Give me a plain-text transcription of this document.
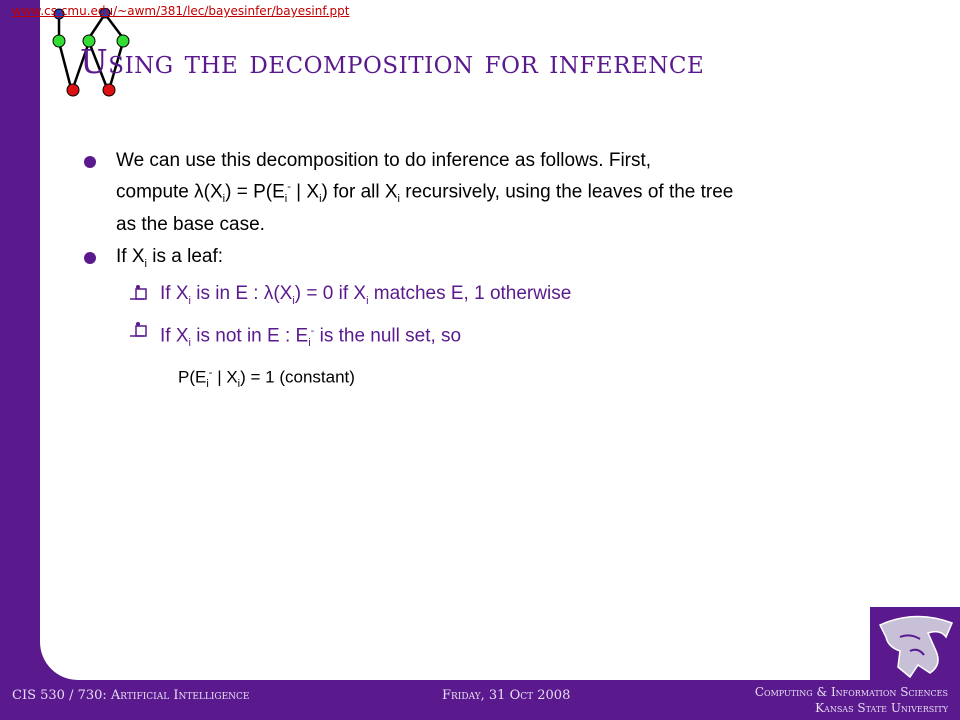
www.cs.cmu.edu/~awm/381/lec/bayesinfer/bayesinf.ppt
Using the decomposition for inference
We can use this decomposition to do inference as follows. First,
compute $\lambda(X_i) = P(E_i^-$ | $X_i$) for all $X_i$ recursively, using the leaves of the tree
as the base case.
If $X_i$ is a leaf:
If $X_i$ is in E : $\lambda(X_i) = 0$ if $X_i$ matches E, 1 otherwise
If $X_i$ is not in E : $E_i^-$ is the null set, so
$P(E_i^-$ | $X_i) = 1$ (constant)
CIS 530 / 730: Artificial Intelligence	Friday, 31 Oct 2008	Computing & Information Sciences
Kansas State University
